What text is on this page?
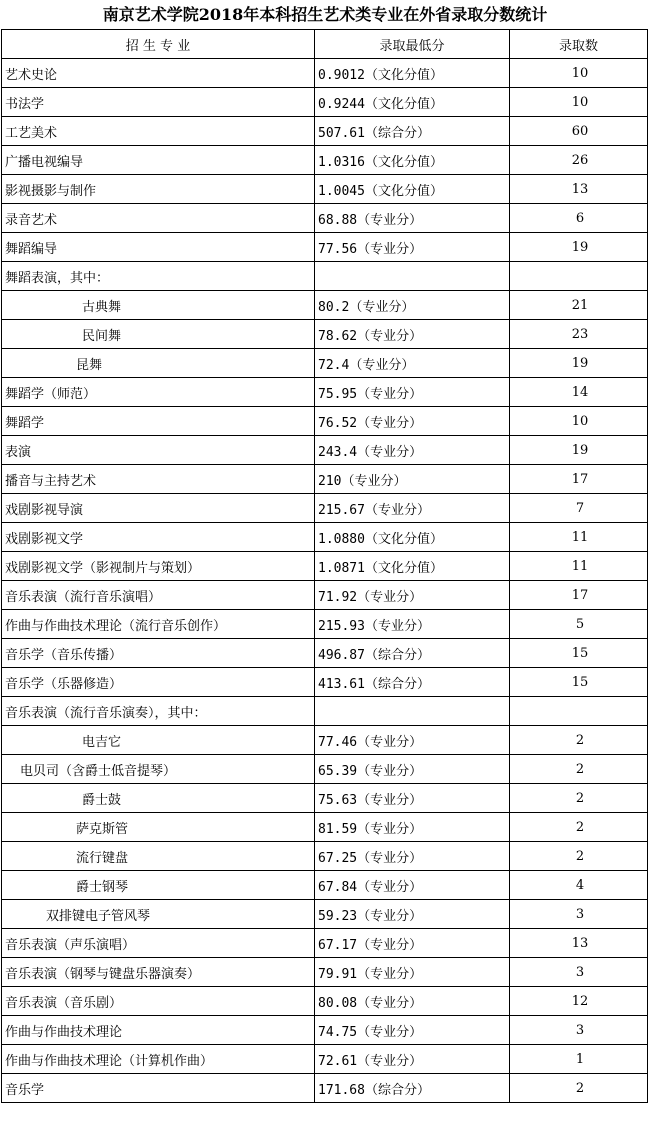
南京艺术学院2018年本科招生艺术类专业在外省录取分数统计
招 生 专 业	录取最低分	录取数
艺术史论	0.9012（文化分值）	10
书法学	0.9244（文化分值）	10
工艺美术	507.61（综合分）	60
广播电视编导	1.0316（文化分值）	26
影视摄影与制作	1.0045（文化分值）	13
录音艺术	68.88（专业分）	6
舞蹈编导	77.56（专业分）	19
舞蹈表演，其中：		
古典舞	80.2（专业分）	21
民间舞	78.62（专业分）	23
昆舞	72.4（专业分）	19
舞蹈学（师范）	75.95（专业分）	14
舞蹈学	76.52（专业分）	10
表演	243.4（专业分）	19
播音与主持艺术	210（专业分）	17
戏剧影视导演	215.67（专业分）	7
戏剧影视文学	1.0880（文化分值）	11
戏剧影视文学（影视制片与策划）	1.0871（文化分值）	11
音乐表演（流行音乐演唱）	71.92（专业分）	17
作曲与作曲技术理论（流行音乐创作）	215.93（专业分）	5
音乐学（音乐传播）	496.87（综合分）	15
音乐学（乐器修造）	413.61（综合分）	15
音乐表演（流行音乐演奏），其中：		
电吉它	77.46（专业分）	2
电贝司（含爵士低音提琴）	65.39（专业分）	2
爵士鼓	75.63（专业分）	2
萨克斯管	81.59（专业分）	2
流行键盘	67.25（专业分）	2
爵士钢琴	67.84（专业分）	4
双排键电子管风琴	59.23（专业分）	3
音乐表演（声乐演唱）	67.17（专业分）	13
音乐表演（钢琴与键盘乐器演奏）	79.91（专业分）	3
音乐表演（音乐剧）	80.08（专业分）	12
作曲与作曲技术理论	74.75（专业分）	3
作曲与作曲技术理论（计算机作曲）	72.61（专业分）	1
音乐学	171.68（综合分）	2
